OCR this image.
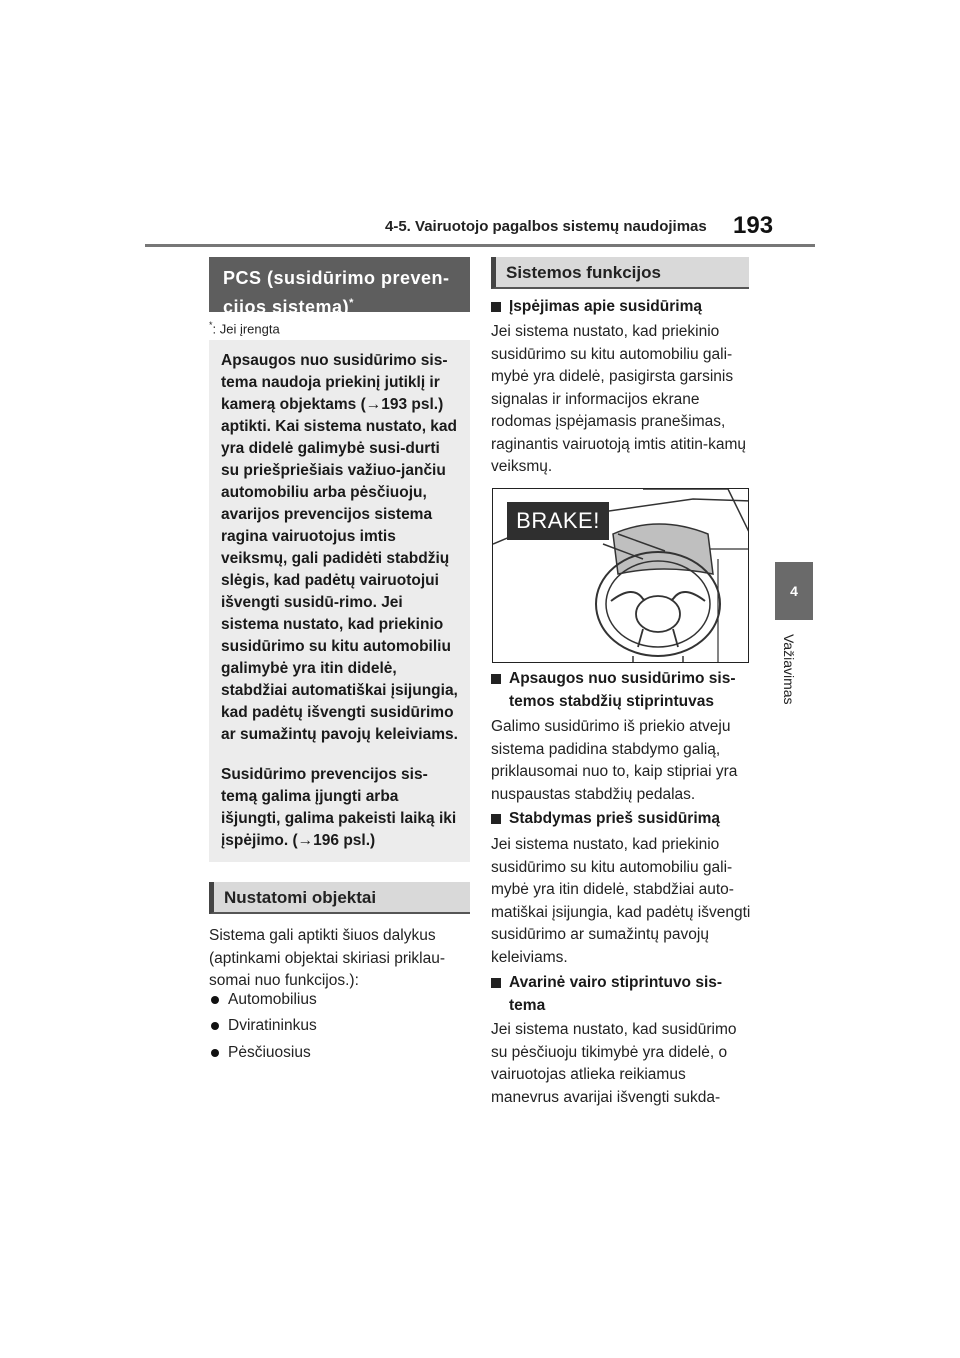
4-5. Vairuotojo pagalbos sistemų naudojimas 193
4
Važiavimas
PCS (susidūrimo preven-
cijos sistema)*
*: Jei įrengta

Apsaugos nuo susidūrimo sis-tema naudoja priekinį jutiklį ir kamerą objektams (→193 psl.) aptikti. Kai sistema nustato, kad yra didelė galimybė susi-durti su priešpriešiais važiuo-jančiu automobiliu arba pėsčiuoju, avarijos prevencijos sistema ragina vairuotojus imtis veiksmų, gali padidėti stabdžių slėgis, kad padėtų vairuotojui išvengti susidū-rimo. Jei sistema nustato, kad priekinio susidūrimo su kitu automobiliu galimybė yra itin didelė, stabdžiai automatiškai įsijungia, kad padėtų išvengti susidūrimo ar sumažintų pavojų keleiviams.

Susidūrimo prevencijos sis-temą galima įjungti arba išjungti, galima pakeisti laiką iki įspėjimo. (→196 psl.)

Nustatomi objektai
Sistema gali aptikti šiuos dalykus (aptinkami objektai skiriasi priklau-somai nuo funkcijos.):
Automobilius
Dviratininkus
Pėsčiuosius
Sistemos funkcijos
Įspėjimas apie susidūrimą
Jei sistema nustato, kad priekinio susidūrimo su kitu automobiliu gali-mybė yra didelė, pasigirsta garsinis signalas ir informacijos ekrane rodomas įspėjamasis pranešimas, raginantis vairuotoją imtis atitin-kamų veiksmų.
BRAKE!
Apsaugos nuo susidūrimo sis-temos stabdžių stiprintuvas
Galimo susidūrimo iš priekio atveju sistema padidina stabdymo galią, priklausomai nuo to, kaip stipriai yra nuspaustas stabdžių pedalas.
Stabdymas prieš susidūrimą
Jei sistema nustato, kad priekinio susidūrimo su kitu automobiliu gali-mybė yra itin didelė, stabdžiai auto-matiškai įsijungia, kad padėtų išvengti susidūrimo ar sumažintų pavojų keleiviams.
Avarinė vairo stiprintuvo sis-tema
Jei sistema nustato, kad susidūrimo su pėsčiuoju tikimybė yra didelė, o vairuotojas atlieka reikiamus manevrus avarijai išvengti sukda-
